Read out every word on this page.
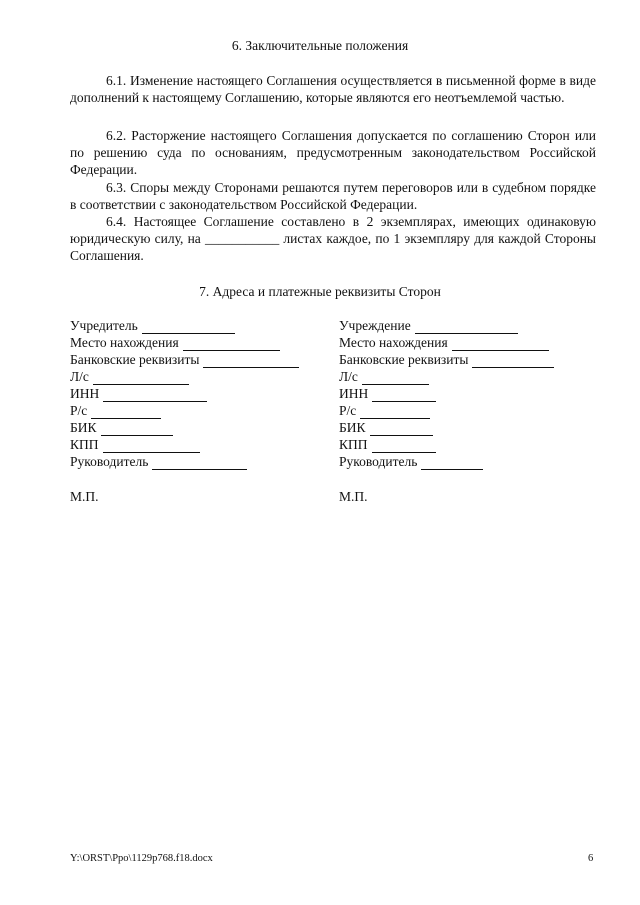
6. Заключительные положения

6.1. Изменение настоящего Соглашения осуществляется в письменной форме в виде дополнений к настоящему Соглашению, которые являются его неотъемлемой частью.

6.2. Расторжение настоящего Соглашения допускается по соглашению Сторон или по решению суда по основаниям, предусмотренным законодательством Российской Федерации.

6.3. Споры между Сторонами решаются путем переговоров или в судебном порядке в соответствии с законодательством Российской Федерации.

6.4. Настоящее Соглашение составлено в 2 экземплярах, имеющих одинаковую юридическую силу, на ___________ листах каждое, по 1 экземпляру для каждой Стороны Соглашения.

7. Адреса и платежные реквизиты Сторон
Учредитель
Место нахождения
Банковские реквизиты
Л/с
ИНН
Р/с
БИК
КПП
Руководитель
Учреждение
Место нахождения
Банковские реквизиты
Л/с
ИНН
Р/с
БИК
КПП
Руководитель
М.П.	М.П.
Y:\ORST\Ppo\1129p768.f18.docx	6
